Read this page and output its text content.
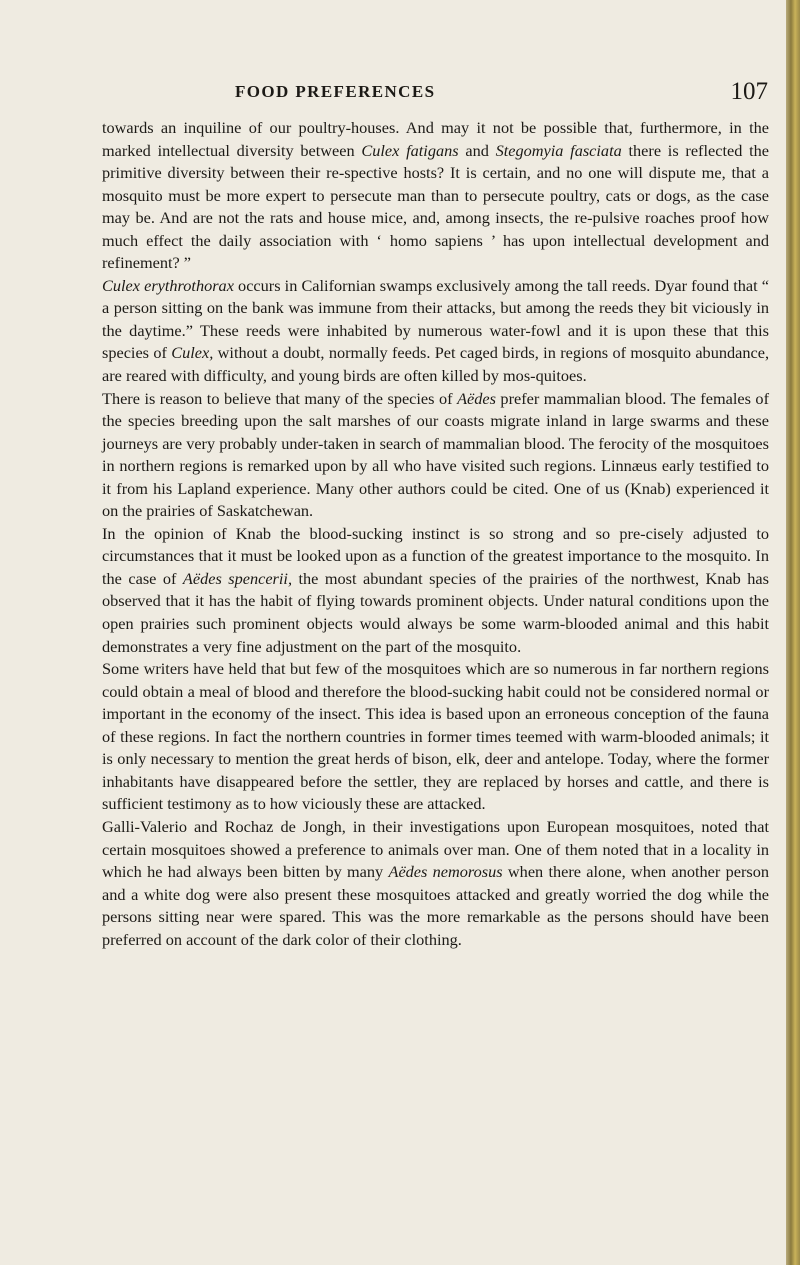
FOOD PREFERENCES	107

towards an inquiline of our poultry-houses. And may it not be possible that, furthermore, in the marked intellectual diversity between Culex fatigans and Stegomyia fasciata there is reflected the primitive diversity between their re-spective hosts? It is certain, and no one will dispute me, that a mosquito must be more expert to persecute man than to persecute poultry, cats or dogs, as the case may be. And are not the rats and house mice, and, among insects, the re-pulsive roaches proof how much effect the daily association with ‘ homo sapiens ’ has upon intellectual development and refinement? ”

Culex erythrothorax occurs in Californian swamps exclusively among the tall reeds. Dyar found that “ a person sitting on the bank was immune from their attacks, but among the reeds they bit viciously in the daytime.” These reeds were inhabited by numerous water-fowl and it is upon these that this species of Culex, without a doubt, normally feeds. Pet caged birds, in regions of mosquito abundance, are reared with difficulty, and young birds are often killed by mos-quitoes.

There is reason to believe that many of the species of Aëdes prefer mammalian blood. The females of the species breeding upon the salt marshes of our coasts migrate inland in large swarms and these journeys are very probably under-taken in search of mammalian blood. The ferocity of the mosquitoes in northern regions is remarked upon by all who have visited such regions. Linnæus early testified to it from his Lapland experience. Many other authors could be cited. One of us (Knab) experienced it on the prairies of Saskatchewan.

In the opinion of Knab the blood-sucking instinct is so strong and so pre-cisely adjusted to circumstances that it must be looked upon as a function of the greatest importance to the mosquito. In the case of Aëdes spencerii, the most abundant species of the prairies of the northwest, Knab has observed that it has the habit of flying towards prominent objects. Under natural conditions upon the open prairies such prominent objects would always be some warm-blooded animal and this habit demonstrates a very fine adjustment on the part of the mosquito.

Some writers have held that but few of the mosquitoes which are so numerous in far northern regions could obtain a meal of blood and therefore the blood-sucking habit could not be considered normal or important in the economy of the insect. This idea is based upon an erroneous conception of the fauna of these regions. In fact the northern countries in former times teemed with warm-blooded animals; it is only necessary to mention the great herds of bison, elk, deer and antelope. Today, where the former inhabitants have disappeared before the settler, they are replaced by horses and cattle, and there is sufficient testimony as to how viciously these are attacked.

Galli-Valerio and Rochaz de Jongh, in their investigations upon European mosquitoes, noted that certain mosquitoes showed a preference to animals over man. One of them noted that in a locality in which he had always been bitten by many Aëdes nemorosus when there alone, when another person and a white dog were also present these mosquitoes attacked and greatly worried the dog while the persons sitting near were spared. This was the more remarkable as the persons should have been preferred on account of the dark color of their clothing.
